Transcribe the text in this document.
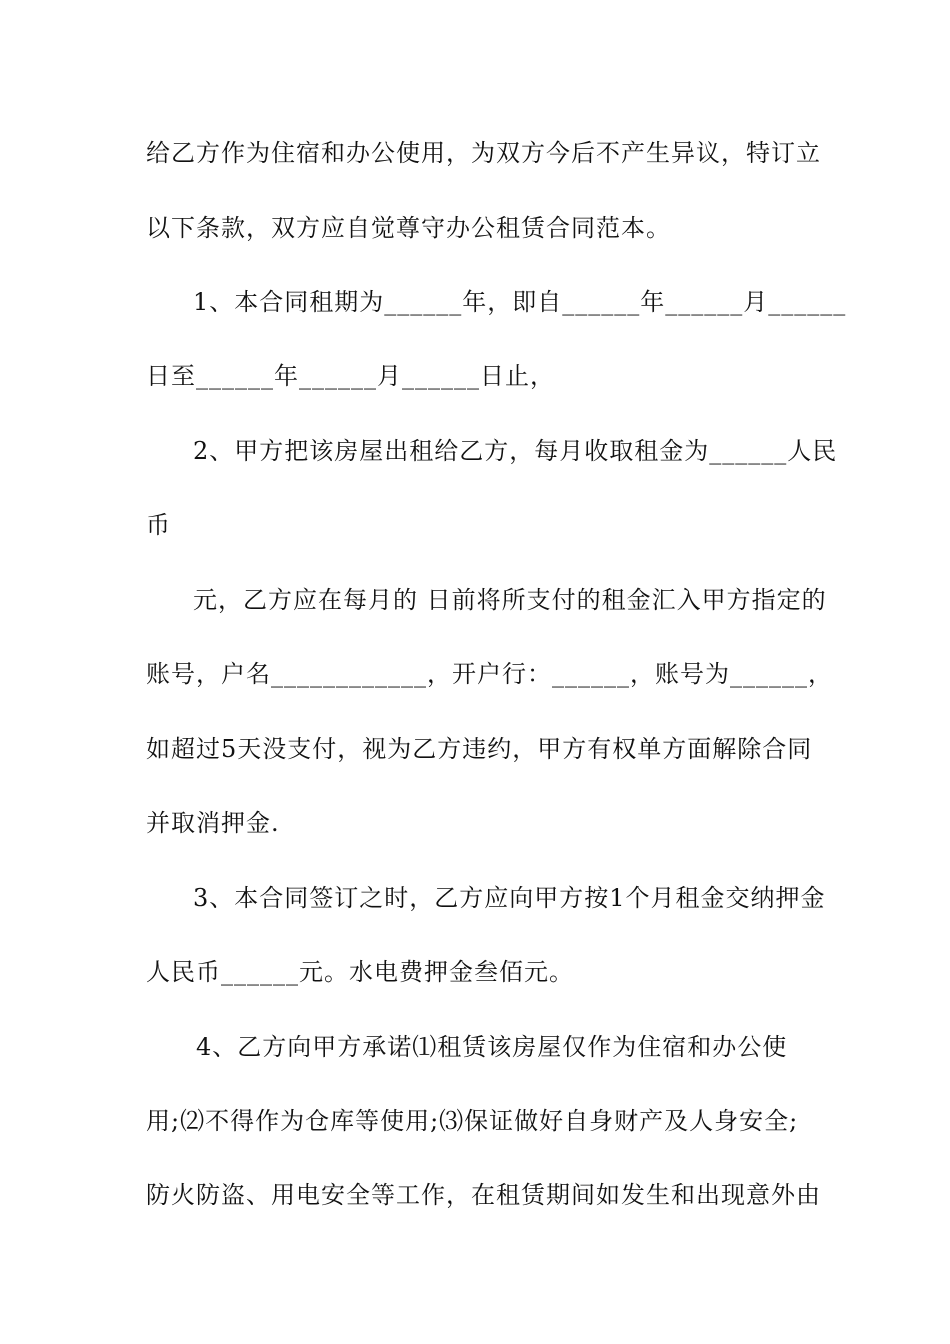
给乙方作为住宿和办公使用，为双方今后不产生异议，特订立
以下条款，双方应自觉尊守办公租赁合同范本。
1、本合同租期为______年，即自______年______月______
日至______年______月______日止，
2、甲方把该房屋出租给乙方，每月收取租金为______人民
币
元，乙方应在每月的 日前将所支付的租金汇入甲方指定的
账号，户名____________，开户行：______，账号为______，
如超过5天没支付，视为乙方违约，甲方有权单方面解除合同
并取消押金.
3、本合同签订之时，乙方应向甲方按1个月租金交纳押金
人民币______元。水电费押金叁佰元。
4、乙方向甲方承诺⑴租赁该房屋仅作为住宿和办公使
用;⑵不得作为仓库等使用;⑶保证做好自身财产及人身安全;
防火防盗、用电安全等工作，在租赁期间如发生和出现意外由
